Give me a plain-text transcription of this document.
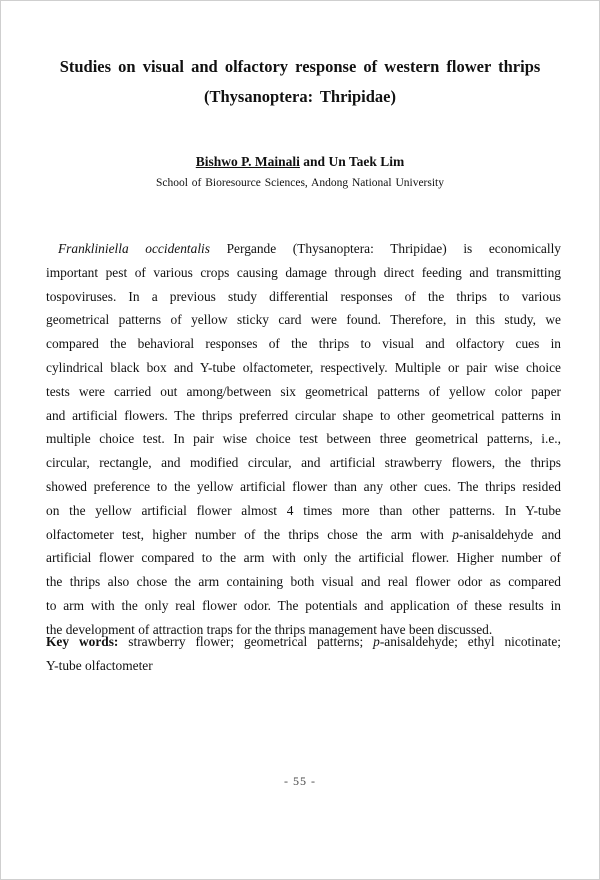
Studies on visual and olfactory response of western flower thrips
(Thysanoptera: Thripidae)
Bishwo P. Mainali and Un Taek Lim
School of Bioresource Sciences, Andong National University
Frankliniella occidentalis Pergande (Thysanoptera: Thripidae) is economically
important pest of various crops causing damage through direct feeding and transmitting
tospoviruses. In a previous study differential responses of the thrips to various
geometrical patterns of yellow sticky card were found. Therefore, in this study, we
compared the behavioral responses of the thrips to visual and olfactory cues in
cylindrical black box and Y-tube olfactometer, respectively. Multiple or pair wise choice
tests were carried out among/between six geometrical patterns of yellow color paper
and artificial flowers. The thrips preferred circular shape to other geometrical patterns in
multiple choice test. In pair wise choice test between three geometrical patterns, i.e.,
circular, rectangle, and modified circular, and artificial strawberry flowers, the thrips
showed preference to the yellow artificial flower than any other cues. The thrips resided
on the yellow artificial flower almost 4 times more than other patterns. In Y-tube
olfactometer test, higher number of the thrips chose the arm with p-anisaldehyde and
artificial flower compared to the arm with only the artificial flower. Higher number of
the thrips also chose the arm containing both visual and real flower odor as compared
to arm with the only real flower odor. The potentials and application of these results in
the development of attraction traps for the thrips management have been discussed.
Key words: strawberry flower; geometrical patterns; p-anisaldehyde; ethyl nicotinate;
Y-tube olfactometer
- 55 -
